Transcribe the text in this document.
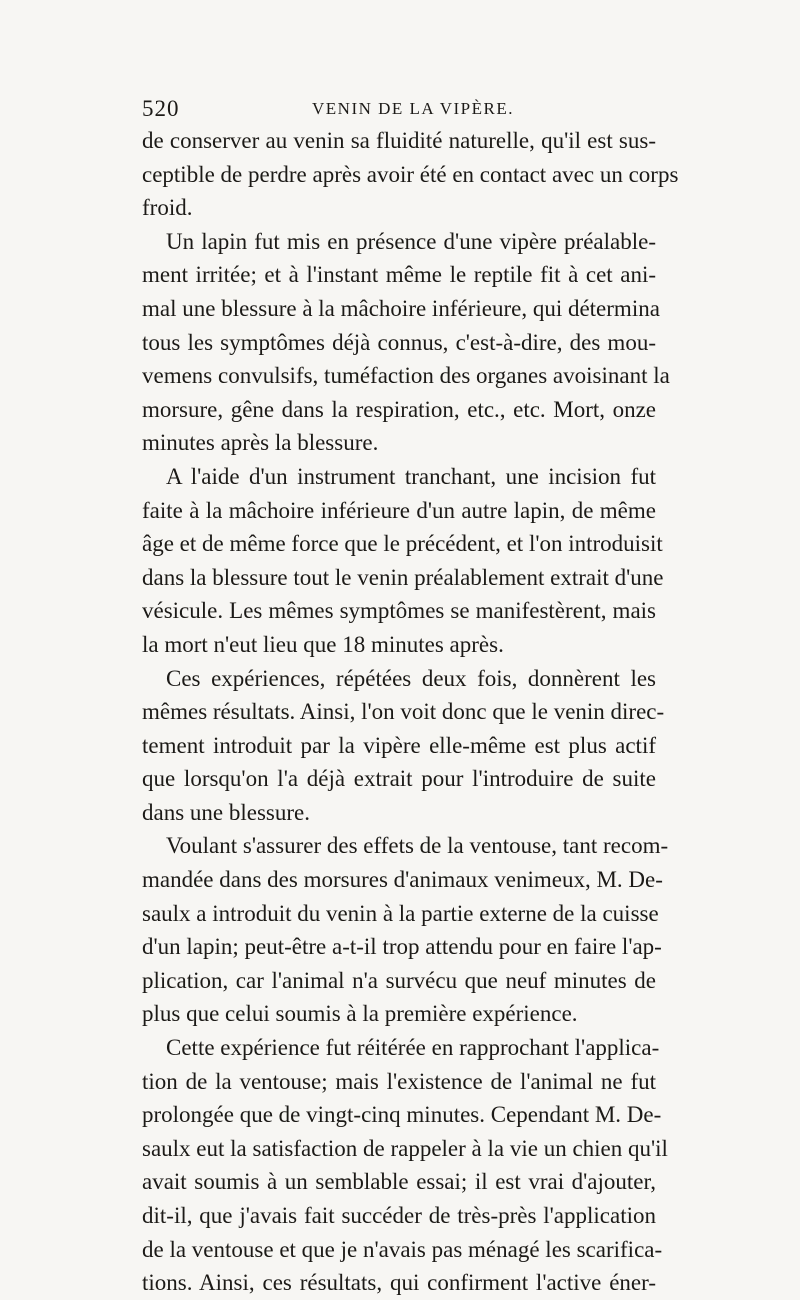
520	VENIN DE LA VIPÈRE.
de conserver au venin sa fluidité naturelle, qu'il est sus-
ceptible de perdre après avoir été en contact avec un corps
froid.
Un lapin fut mis en présence d'une vipère préalable-
ment irritée; et à l'instant même le reptile fit à cet ani-
mal une blessure à la mâchoire inférieure, qui détermina
tous les symptômes déjà connus, c'est-à-dire, des mou-
vemens convulsifs, tuméfaction des organes avoisinant la
morsure, gêne dans la respiration, etc., etc. Mort, onze
minutes après la blessure.
A l'aide d'un instrument tranchant, une incision fut
faite à la mâchoire inférieure d'un autre lapin, de même
âge et de même force que le précédent, et l'on introduisit
dans la blessure tout le venin préalablement extrait d'une
vésicule. Les mêmes symptômes se manifestèrent, mais
la mort n'eut lieu que 18 minutes après.
Ces expériences, répétées deux fois, donnèrent les
mêmes résultats. Ainsi, l'on voit donc que le venin direc-
tement introduit par la vipère elle-même est plus actif
que lorsqu'on l'a déjà extrait pour l'introduire de suite
dans une blessure.
Voulant s'assurer des effets de la ventouse, tant recom-
mandée dans des morsures d'animaux venimeux, M. De-
saulx a introduit du venin à la partie externe de la cuisse
d'un lapin; peut-être a-t-il trop attendu pour en faire l'ap-
plication, car l'animal n'a survécu que neuf minutes de
plus que celui soumis à la première expérience.
Cette expérience fut réitérée en rapprochant l'applica-
tion de la ventouse; mais l'existence de l'animal ne fut
prolongée que de vingt-cinq minutes. Cependant M. De-
saulx eut la satisfaction de rappeler à la vie un chien qu'il
avait soumis à un semblable essai; il est vrai d'ajouter,
dit-il, que j'avais fait succéder de très-près l'application
de la ventouse et que je n'avais pas ménagé les scarifica-
tions. Ainsi, ces résultats, qui confirment l'active éner-
